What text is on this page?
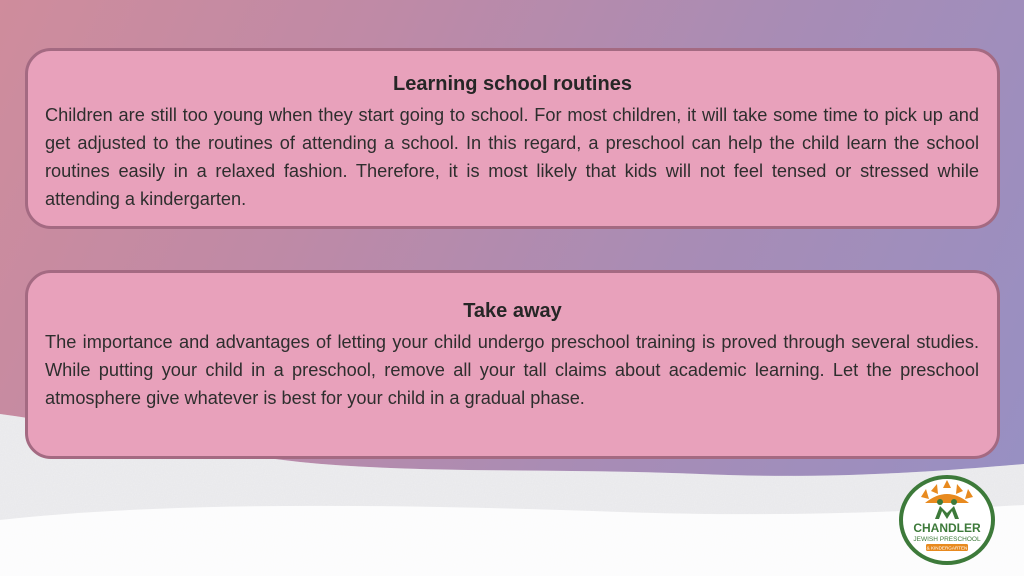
Learning school routines

Children are still too young when they start going to school. For most children, it will take some time to pick up and get adjusted to the routines of attending a school. In this regard, a preschool can help the child learn the school routines easily in a relaxed fashion. Therefore, it is most likely that kids will not feel tensed or stressed while attending a kindergarten.

Take away

The importance and advantages of letting your child undergo preschool training is proved through several studies. While putting your child in a preschool, remove all your tall claims about academic learning. Let the preschool atmosphere give whatever is best for your child in a gradual phase.

CHANDLER
JEWISH PRESCHOOL
& KINDERGARTEN
